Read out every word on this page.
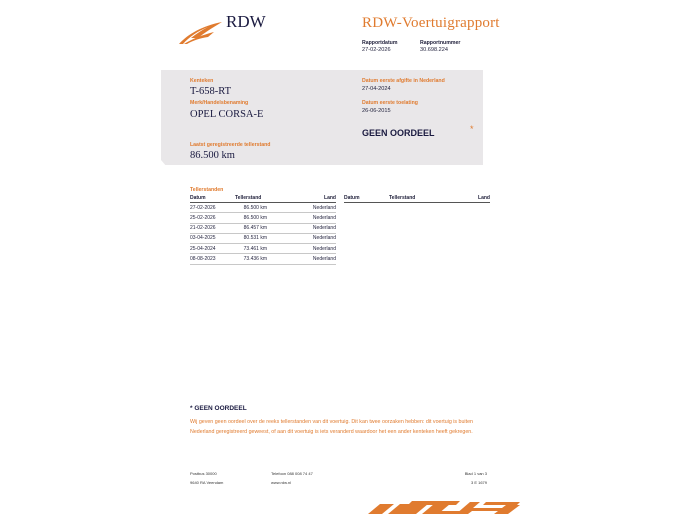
RDW	RDW-Voertuigrapport
Rapportdatum
27-02-2026
Rapportnummer
30.698.224
Kenteken
T-658-RT
Merk/Handelsbenaming
OPEL CORSA-E
Datum eerste afgifte in Nederland
27-04-2024
Datum eerste toelating
26-06-2015
GEEN OORDEEL	*
Laatst geregistreerde tellerstand
86.500 km
Tellerstanden
Datum	Tellerstand	Land
27-02-2026	86.500 km	Nederland
25-02-2026	86.500 km	Nederland
21-02-2026	86.457 km	Nederland
03-04-2025	80.531 km	Nederland
25-04-2024	73.461 km	Nederland
08-08-2023	73.436 km	Nederland
Datum	Tellerstand	Land
* GEEN OORDEEL
Wij geven geen oordeel over de reeks tellerstanden van dit voertuig. Dit kan twee oorzaken hebben: dit voertuig is buiten Nederland geregistreerd geweest, of aan dit voertuig is iets veranderd waardoor het een ander kenteken heeft gekregen.
Postbus 30000
9640 RA Veendam
Telefoon 088 008 74 47
www.rdw.nl
Blad 1 van 3
3 E 1679
